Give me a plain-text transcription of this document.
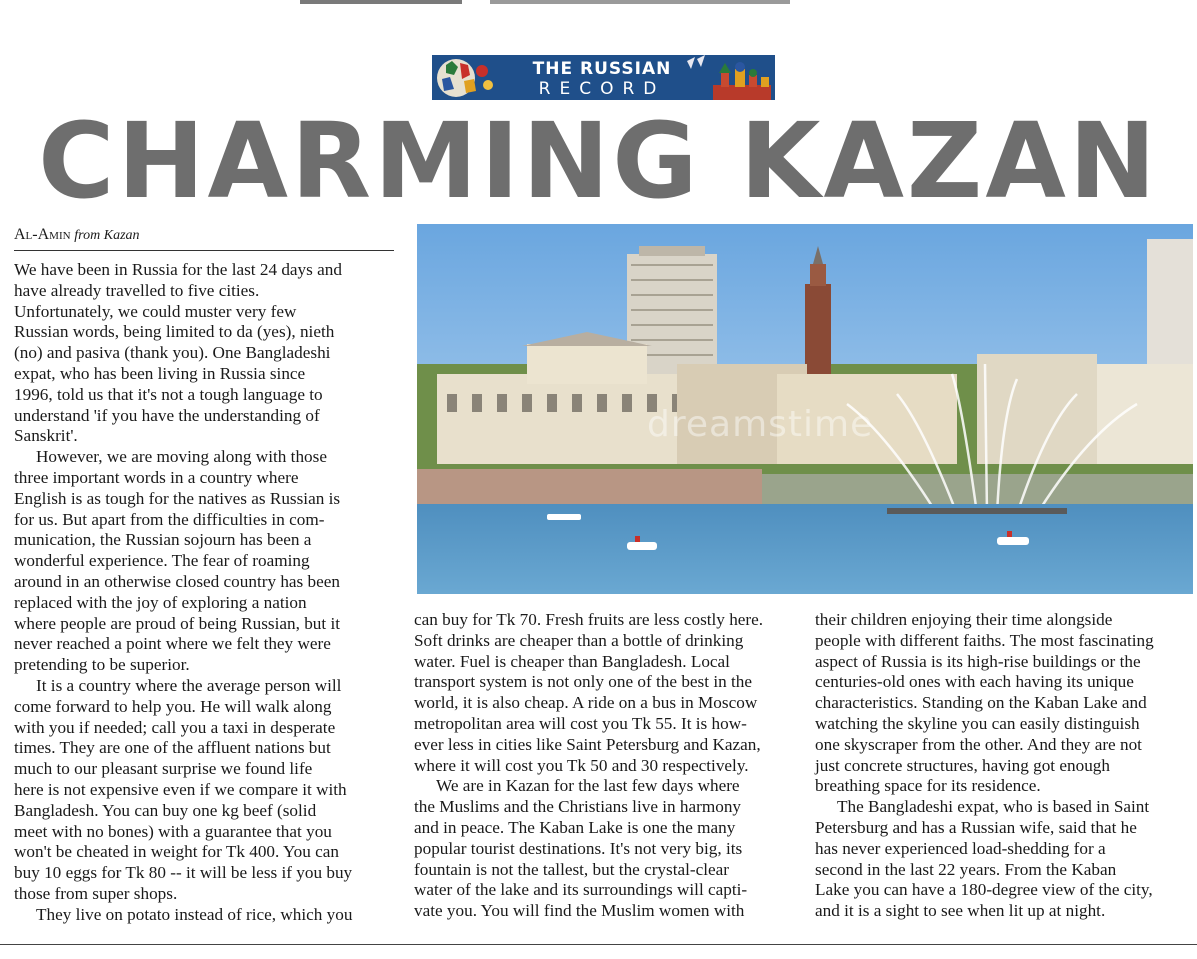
THE RUSSIAN
RECORD
CHARMING KAZAN
Al-Amin from Kazan

We have been in Russia for the last 24 days and

have already travelled to five cities.

Unfortunately, we could muster very few

Russian words, being limited to da (yes), nieth

(no) and pasiva (thank you). One Bangladeshi

expat, who has been living in Russia since

1996, told us that it's not a tough language to

understand 'if you have the understanding of

Sanskrit'.

However, we are moving along with those

three important words in a country where

English is as tough for the natives as Russian is

for us. But apart from the difficulties in com-

munication, the Russian sojourn has been a

wonderful experience. The fear of roaming

around in an otherwise closed country has been

replaced with the joy of exploring a nation

where people are proud of being Russian, but it

never reached a point where we felt they were

pretending to be superior.

It is a country where the average person will

come forward to help you. He will walk along

with you if needed; call you a taxi in desperate

times. They are one of the affluent nations but

much to our pleasant surprise we found life

here is not expensive even if we compare it with

Bangladesh. You can buy one kg beef (solid

meet with no bones) with a guarantee that you

won't be cheated in weight for Tk 400. You can

buy 10 eggs for Tk 80 -- it will be less if you buy

those from super shops.

They live on potato instead of rice, which you

can buy for Tk 70. Fresh fruits are less costly here.

Soft drinks are cheaper than a bottle of drinking

water. Fuel is cheaper than Bangladesh. Local

transport system is not only one of the best in the

world, it is also cheap. A ride on a bus in Moscow

metropolitan area will cost you Tk 55. It is how-

ever less in cities like Saint Petersburg and Kazan,

where it will cost you Tk 50 and 30 respectively.

We are in Kazan for the last few days where

the Muslims and the Christians live in harmony

and in peace. The Kaban Lake is one the many

popular tourist destinations. It's not very big, its

fountain is not the tallest, but the crystal-clear

water of the lake and its surroundings will capti-

vate you. You will find the Muslim women with

their children enjoying their time alongside

people with different faiths. The most fascinating

aspect of Russia is its high-rise buildings or the

centuries-old ones with each having its unique

characteristics. Standing on the Kaban Lake and

watching the skyline you can easily distinguish

one skyscraper from the other. And they are not

just concrete structures, having got enough

breathing space for its residence.

The Bangladeshi expat, who is based in Saint

Petersburg and has a Russian wife, said that he

has never experienced load-shedding for a

second in the last 22 years. From the Kaban

Lake you can have a 180-degree view of the city,

and it is a sight to see when lit up at night.

dreamstime
